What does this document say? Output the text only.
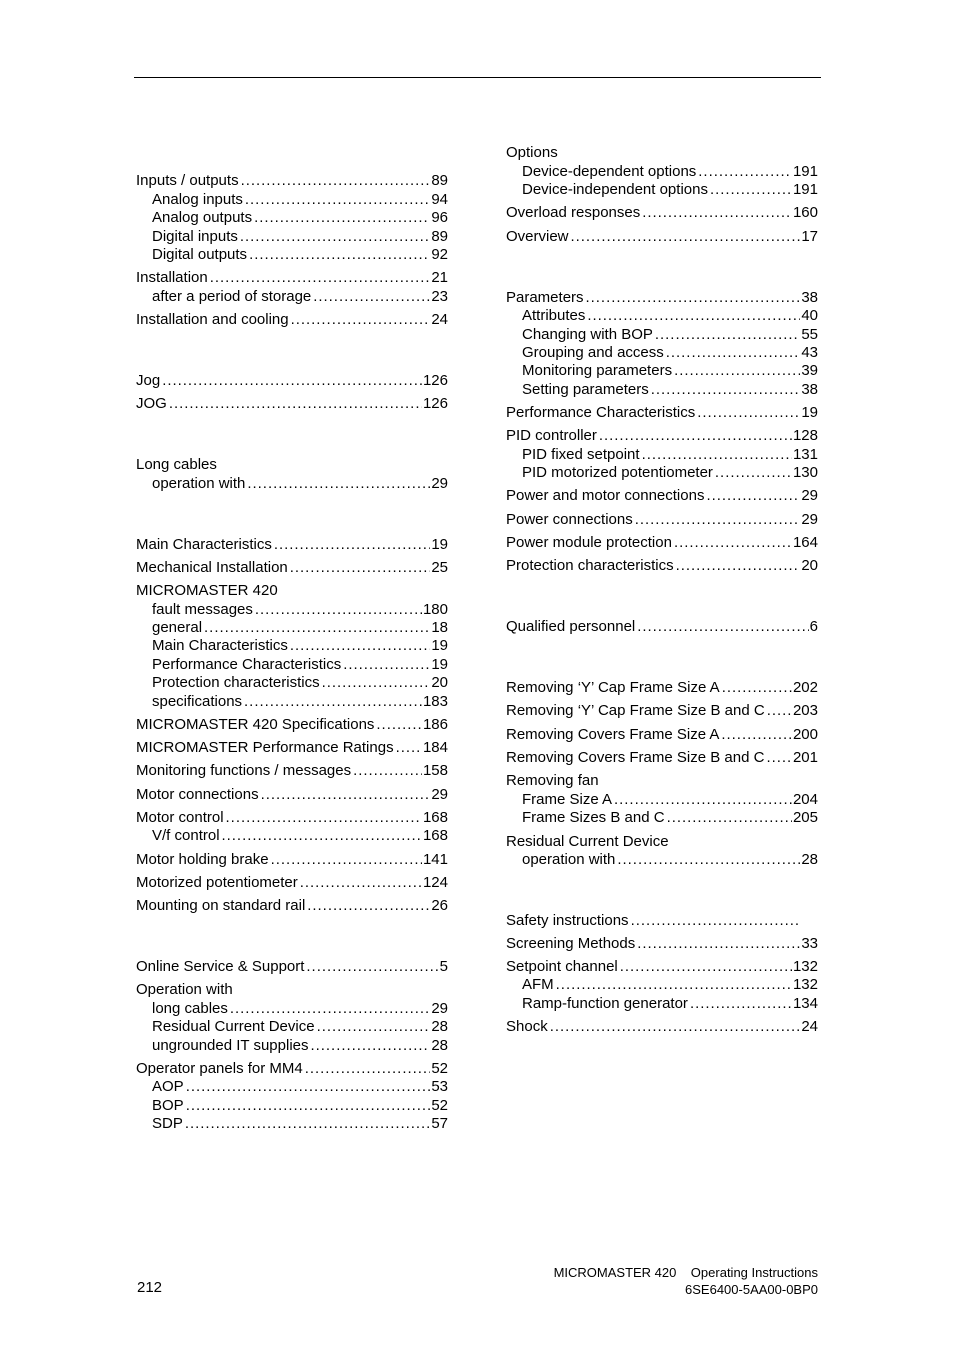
Inputs / outputs . . .	89
Analog inputs . . .	94
Analog outputs . . .	96
Digital inputs . . .	89
Digital outputs . . .	92
Installation . . .	21
after a period of storage . . .	23
Installation and cooling . . .	24
Jog . . .	126
JOG . . .	126
Long cables
operation with . . .	29
Main Characteristics . . .	19
Mechanical Installation . . .	25
MICROMASTER 420
fault messages . . .	180
general . . .	18
Main Characteristics . . .	19
Performance Characteristics . . .	19
Protection characteristics . . .	20
specifications . . .	183
MICROMASTER 420 Specifications . . .	186
MICROMASTER Performance Ratings . . . 184
Monitoring functions / messages . . .	158
Motor connections . . .	29
Motor control . . .	168
V/f control . . .	168
Motor holding brake . . .	141
Motorized potentiometer . . .	124
Mounting on standard rail . . .	26
Online Service & Support . . .	5
Operation with
long cables . . .	29
Residual Current Device . . .	28
ungrounded IT supplies . . .	28
Operator panels for MM4 . . .	52
AOP . . .	53
BOP . . .	52
SDP . . .	57
Options
Device-dependent options . . .	191
Device-independent options . . .	191
Overload responses . . .	160
Overview . . .	17
Parameters . . .	38
Attributes . . .	40
Changing with BOP . . .	55
Grouping and access . . .	43
Monitoring parameters . . .	39
Setting parameters . . .	38
Performance Characteristics . . .	19
PID controller . . .	128
PID fixed setpoint . . .	131
PID motorized potentiometer . . .	130
Power and motor connections . . .	29
Power connections . . .	29
Power module protection . . .	164
Protection characteristics . . .	20
Qualified personnel . . .	6
Removing ‘Y’ Cap Frame Size A . . .	202
Removing ‘Y’ Cap Frame Size B and C . . . 203
Removing Covers Frame Size A . . .	200
Removing Covers Frame Size B and C . . . 201
Removing fan
Frame Size A . . .	204
Frame Sizes B and C . . .	205
Residual Current Device
operation with . . .	28
Safety instructions
. . .
Screening Methods . . .	33
Setpoint channel . . .	132
AFM . . .	132
Ramp-function generator . . .	134
Shock . . .	24
212
MICROMASTER 420    Operating Instructions
6SE6400-5AA00-0BP0
